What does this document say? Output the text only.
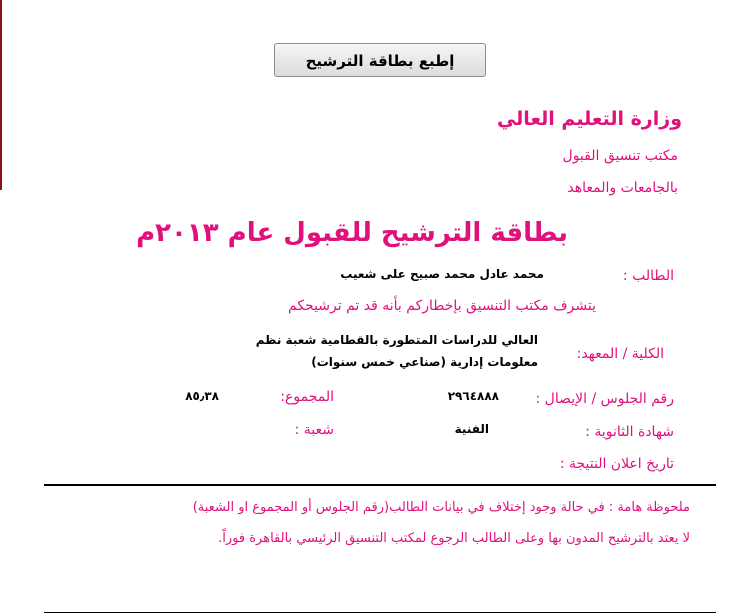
إطبع بطاقة الترشيح
وزارة التعليم العالي
مكتب تنسيق القبول
بالجامعات والمعاهد
بطاقة الترشيح للقبول عام ٢٠١٣م
الطالب :
محمد عادل محمد صبيح على شعيب
يتشرف مكتب التنسيق بإخطاركم بأنه قد تم ترشيحكم
الكلية / المعهد:
العالي للدراسات المتطورة بالقطامية شعبة نظم معلومات إدارية (صناعي خمس سنوات)
رقم الجلوس / الإيصال :
٢٩٦٤٨٨٨
المجموع:
٨٥٫٣٨
شهادة الثانوية :
الفنية
شعبة :
تاريخ اعلان النتيجة :
ملحوظة هامة : في حالة وجود إختلاف في بيانات الطالب(رقم الجلوس أو المجموع او الشعبة)
لا يعتد بالترشيح المدون بها وعلى الطالب الرجوع لمكتب التنسيق الرئيسي بالقاهرة فوراً.
